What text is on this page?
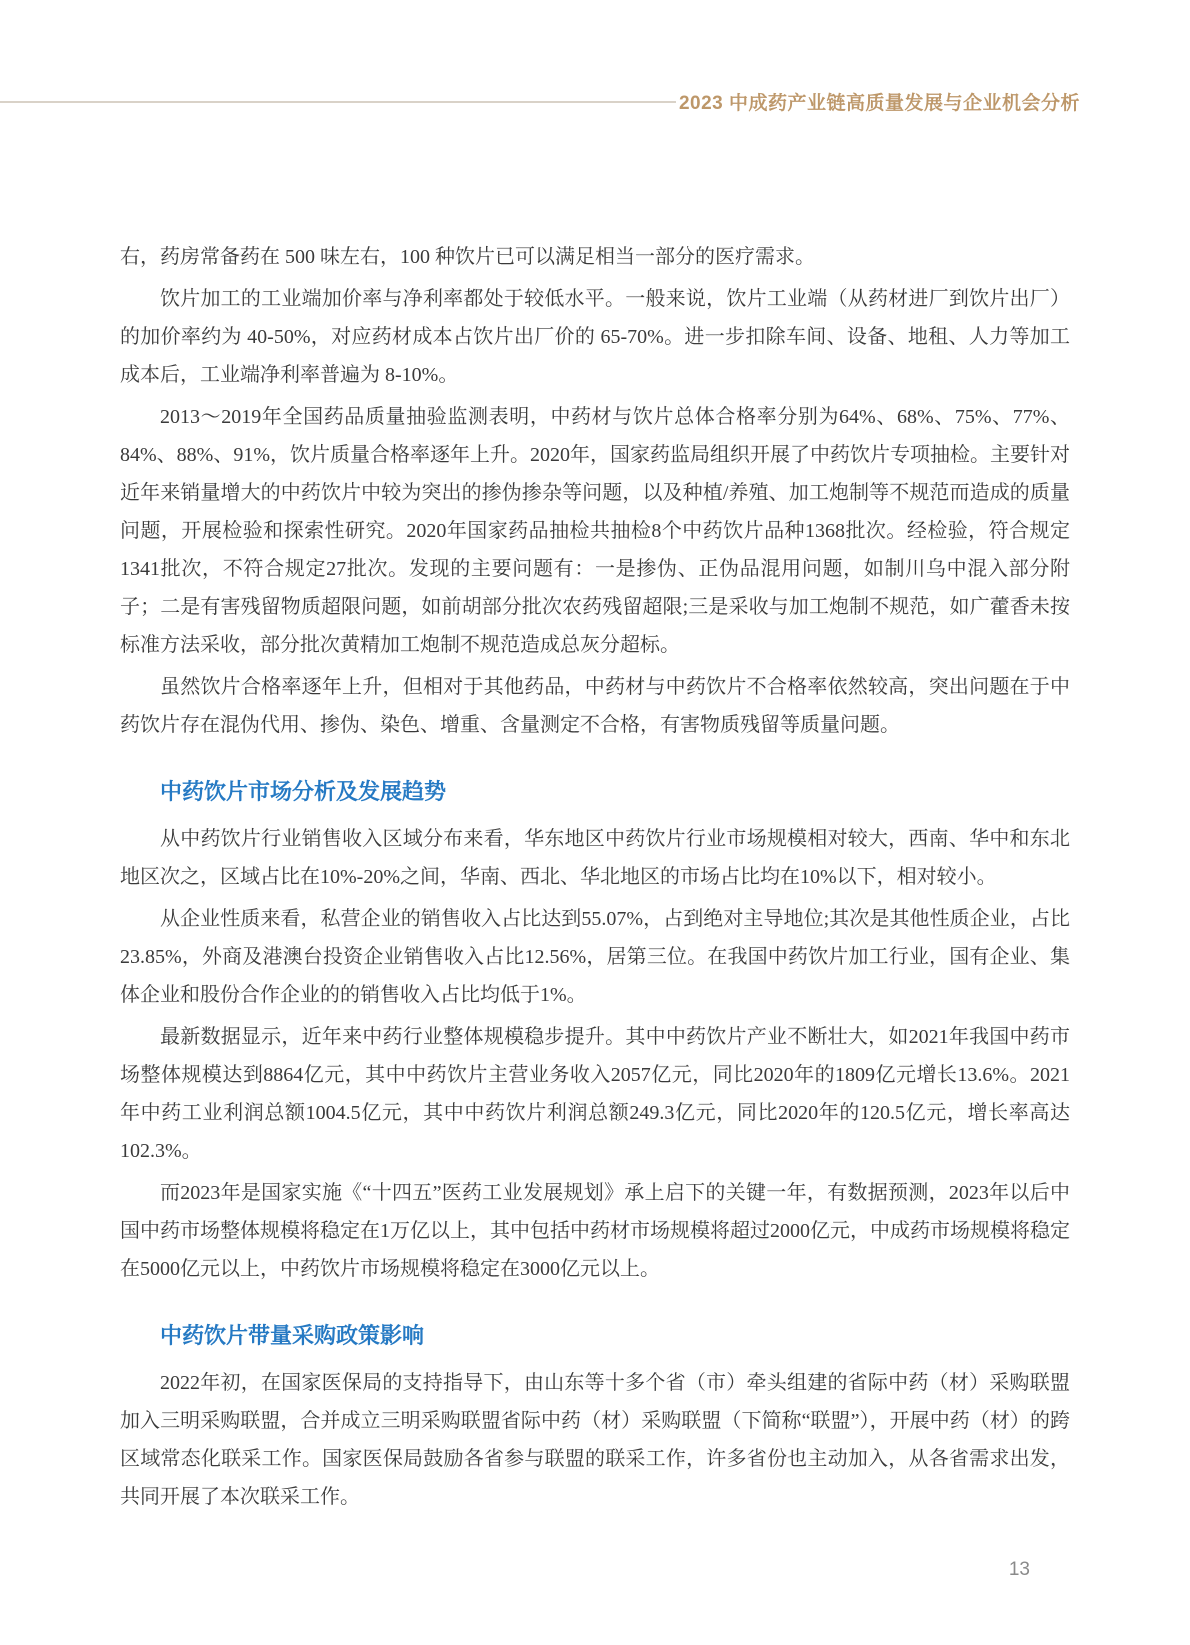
2023 中成药产业链高质量发展与企业机会分析

右，药房常备药在 500 味左右，100 种饮片已可以满足相当一部分的医疗需求。

饮片加工的工业端加价率与净利率都处于较低水平。一般来说，饮片工业端（从药材进厂到饮片出厂）的加价率约为 40-50%，对应药材成本占饮片出厂价的 65-70%。进一步扣除车间、设备、地租、人力等加工成本后，工业端净利率普遍为 8-10%。

2013～2019年全国药品质量抽验监测表明，中药材与饮片总体合格率分别为64%、68%、75%、77%、84%、88%、91%，饮片质量合格率逐年上升。2020年，国家药监局组织开展了中药饮片专项抽检。主要针对近年来销量增大的中药饮片中较为突出的掺伪掺杂等问题，以及种植/养殖、加工炮制等不规范而造成的质量问题，开展检验和探索性研究。2020年国家药品抽检共抽检8个中药饮片品种1368批次。经检验，符合规定1341批次，不符合规定27批次。发现的主要问题有：一是掺伪、正伪品混用问题，如制川乌中混入部分附子；二是有害残留物质超限问题，如前胡部分批次农药残留超限;三是采收与加工炮制不规范，如广藿香未按标准方法采收，部分批次黄精加工炮制不规范造成总灰分超标。

虽然饮片合格率逐年上升，但相对于其他药品，中药材与中药饮片不合格率依然较高，突出问题在于中药饮片存在混伪代用、掺伪、染色、增重、含量测定不合格，有害物质残留等质量问题。

中药饮片市场分析及发展趋势

从中药饮片行业销售收入区域分布来看，华东地区中药饮片行业市场规模相对较大，西南、华中和东北地区次之，区域占比在10%-20%之间，华南、西北、华北地区的市场占比均在10%以下，相对较小。

从企业性质来看，私营企业的销售收入占比达到55.07%，占到绝对主导地位;其次是其他性质企业，占比23.85%，外商及港澳台投资企业销售收入占比12.56%，居第三位。在我国中药饮片加工行业，国有企业、集体企业和股份合作企业的的销售收入占比均低于1%。

最新数据显示，近年来中药行业整体规模稳步提升。其中中药饮片产业不断壮大，如2021年我国中药市场整体规模达到8864亿元，其中中药饮片主营业务收入2057亿元，同比2020年的1809亿元增长13.6%。2021年中药工业利润总额1004.5亿元，其中中药饮片利润总额249.3亿元，同比2020年的120.5亿元，增长率高达102.3%。

而2023年是国家实施《“十四五”医药工业发展规划》承上启下的关键一年，有数据预测，2023年以后中国中药市场整体规模将稳定在1万亿以上，其中包括中药材市场规模将超过2000亿元，中成药市场规模将稳定在5000亿元以上，中药饮片市场规模将稳定在3000亿元以上。

中药饮片带量采购政策影响

2022年初，在国家医保局的支持指导下，由山东等十多个省（市）牵头组建的省际中药（材）采购联盟加入三明采购联盟，合并成立三明采购联盟省际中药（材）采购联盟（下简称“联盟”），开展中药（材）的跨区域常态化联采工作。国家医保局鼓励各省参与联盟的联采工作，许多省份也主动加入，从各省需求出发，共同开展了本次联采工作。

13
